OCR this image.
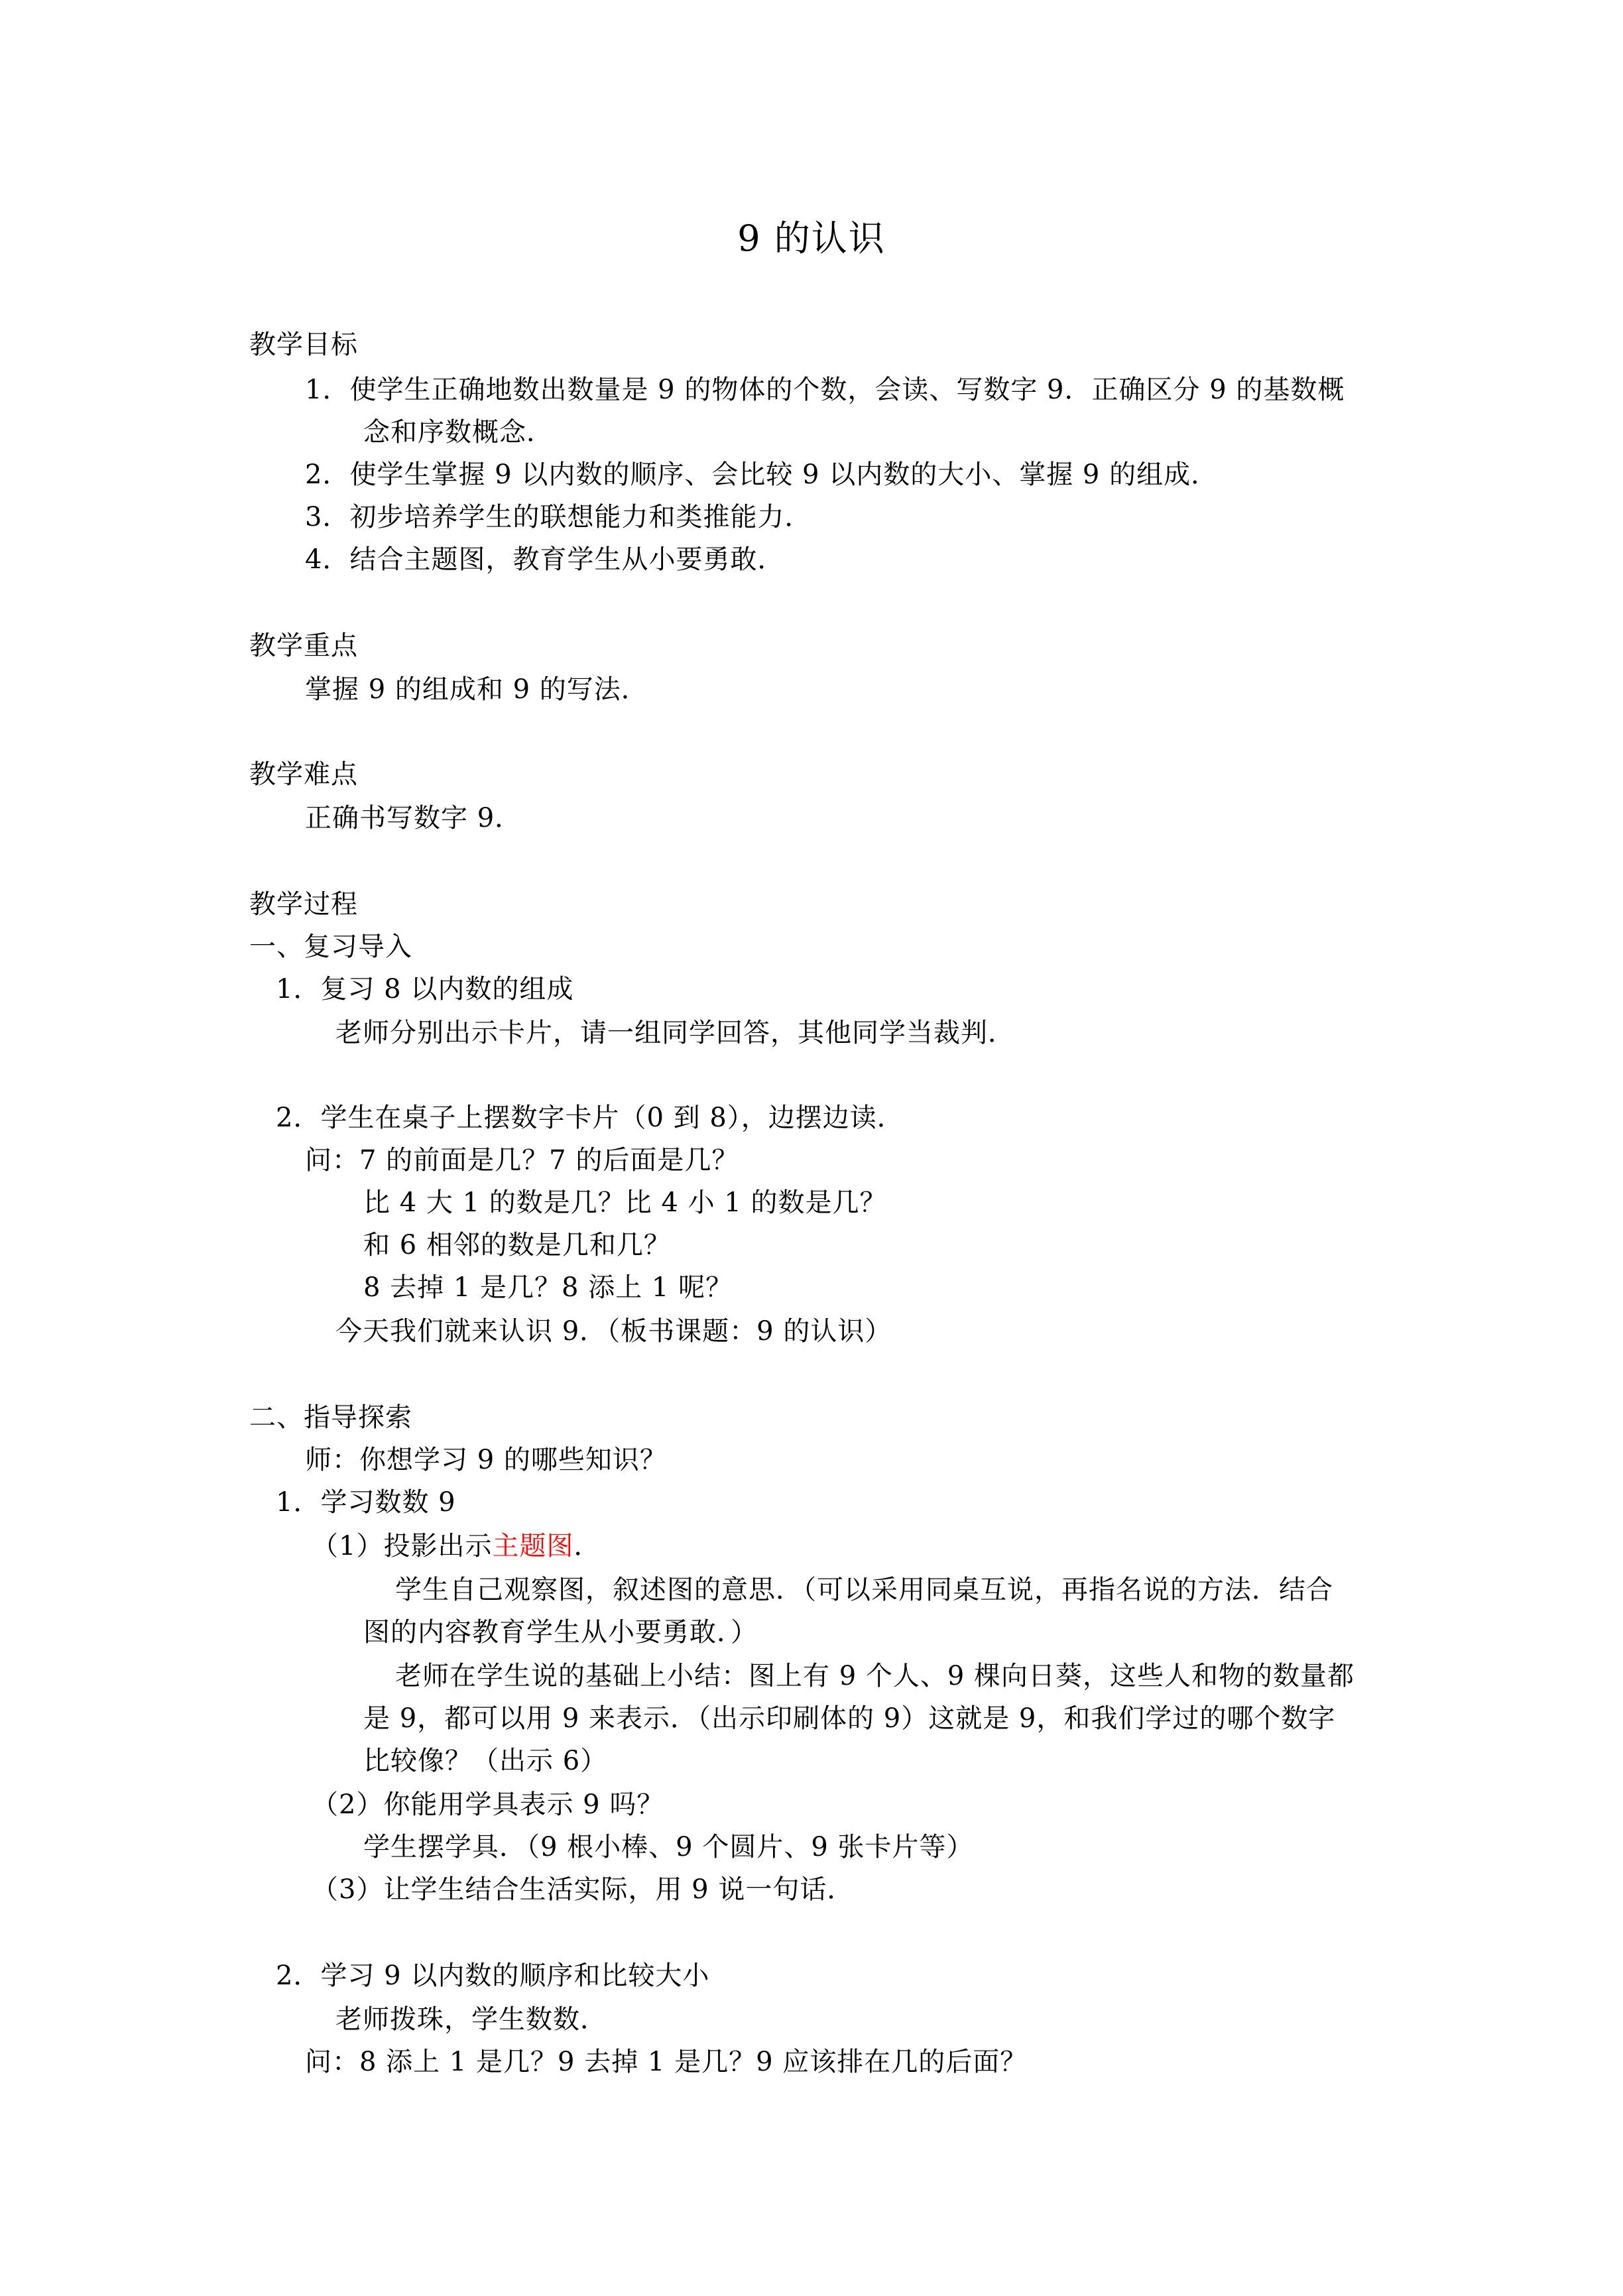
9 的认识
教学目标
1．使学生正确地数出数量是 9 的物体的个数，会读、写数字 9．正确区分 9 的基数概
念和序数概念．
2．使学生掌握 9 以内数的顺序、会比较 9 以内数的大小、掌握 9 的组成．
3．初步培养学生的联想能力和类推能力．
4．结合主题图，教育学生从小要勇敢．
教学重点
掌握 9 的组成和 9 的写法．
教学难点
正确书写数字 9．
教学过程
一、复习导入
1．复习 8 以内数的组成
老师分别出示卡片，请一组同学回答，其他同学当裁判．
2．学生在桌子上摆数字卡片（0 到 8），边摆边读．
问：7 的前面是几？7 的后面是几？
比 4 大 1 的数是几？比 4 小 1 的数是几？
和 6 相邻的数是几和几？
8 去掉 1 是几？8 添上 1 呢？
今天我们就来认识 9．（板书课题：9 的认识）
二、指导探索
师：你想学习 9 的哪些知识？
1．学习数数 9
（1）投影出示主题图．
学生自己观察图，叙述图的意思．（可以采用同桌互说，再指名说的方法．结合
图的内容教育学生从小要勇敢．）
老师在学生说的基础上小结：图上有 9 个人、9 棵向日葵，这些人和物的数量都
是 9，都可以用 9 来表示．（出示印刷体的 9）这就是 9，和我们学过的哪个数字
比较像？（出示 6）
（2）你能用学具表示 9 吗？
学生摆学具．（9 根小棒、9 个圆片、9 张卡片等）
（3）让学生结合生活实际，用 9 说一句话．
2．学习 9 以内数的顺序和比较大小
老师拨珠，学生数数．
问：8 添上 1 是几？9 去掉 1 是几？9 应该排在几的后面？
